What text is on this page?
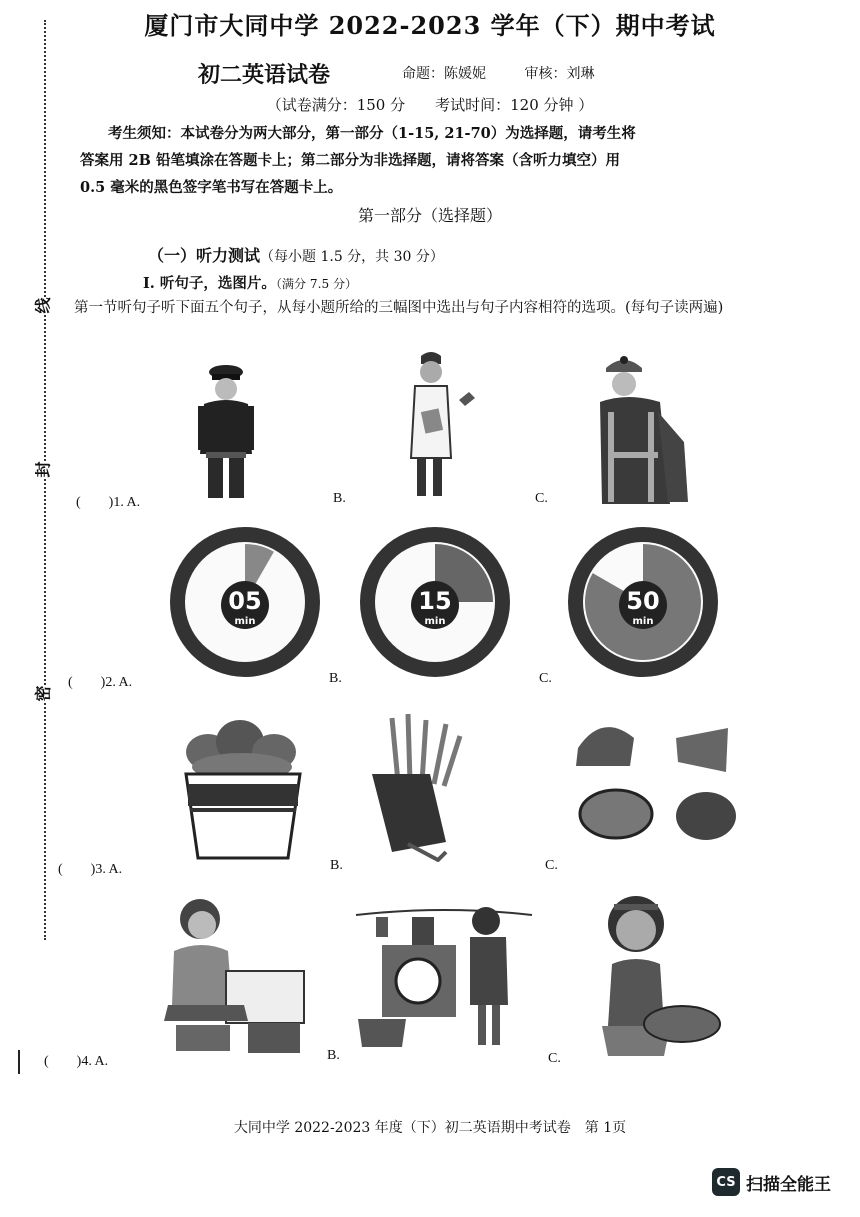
线
封
密
厦门市大同中学 2022-2023 学年（下）期中考试
初二英语试卷	命题：陈媛妮	审核：刘琳
（试卷满分：150 分　　考试时间：120 分钟 ）
考生须知：本试卷分为两大部分，第一部分（1-15, 21-70）为选择题，请考生将
答案用 2B 铅笔填涂在答题卡上；第二部分为非选择题，请将答案（含听力填空）用
0.5 毫米的黑色签字笔书写在答题卡上。
第一部分（选择题）
（一）听力测试（每小题 1.5 分，共 30 分）
I. 听句子，选图片。（满分 7.5 分）
第一节听句子听下面五个句子，从每小题所给的三幅图中选出与句子内容相符的选项。(每句子读两遍)
05
min
15
min
50
min
(　　)1. A.	B.	C.
(　　)2. A.	B.	C.
(　　)3. A.	B.	C.
(　　)4. A.	B.	C.
大同中学 2022-2023 年度（下）初二英语期中考试卷　第 1页
CS 扫描全能王
